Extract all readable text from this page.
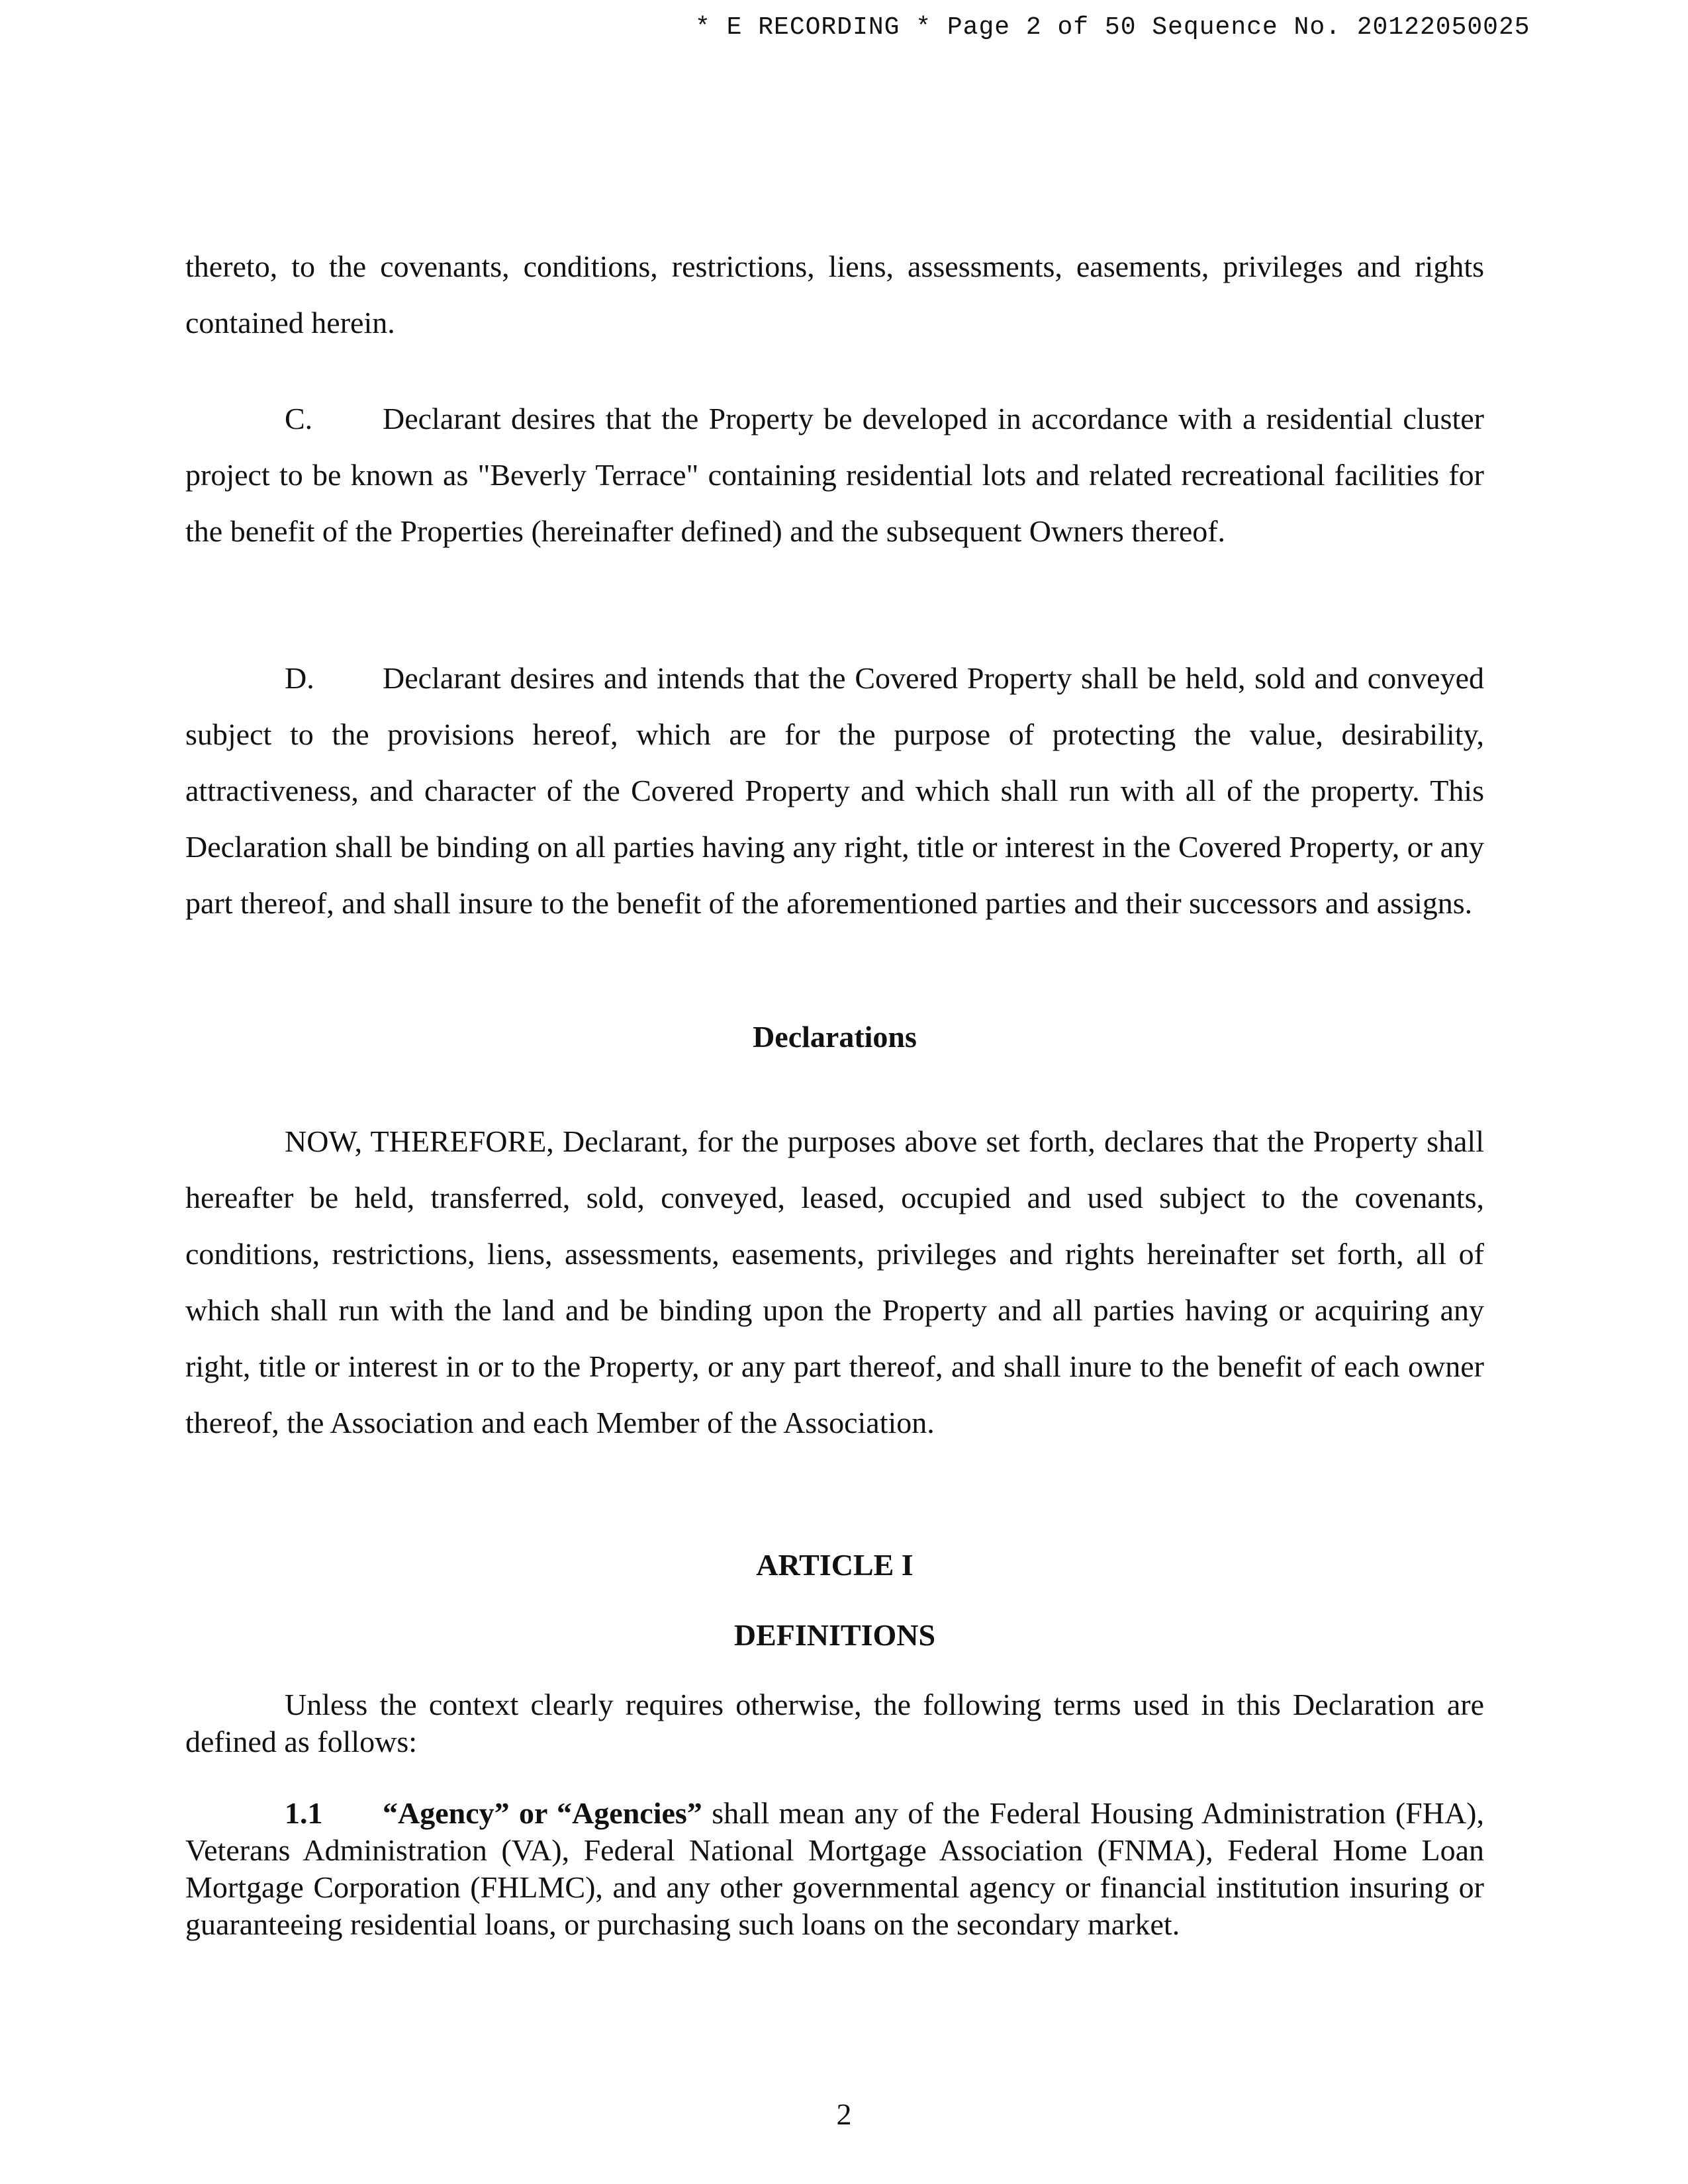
* E RECORDING * Page 2 of 50 Sequence No. 20122050025

thereto, to the covenants, conditions, restrictions, liens, assessments, easements, privileges and rights contained herein.

C. Declarant desires that the Property be developed in accordance with a residential cluster project to be known as "Beverly Terrace" containing residential lots and related recreational facilities for the benefit of the Properties (hereinafter defined) and the subsequent Owners thereof.

D. Declarant desires and intends that the Covered Property shall be held, sold and conveyed subject to the provisions hereof, which are for the purpose of protecting the value, desirability, attractiveness, and character of the Covered Property and which shall run with all of the property. This Declaration shall be binding on all parties having any right, title or interest in the Covered Property, or any part thereof, and shall insure to the benefit of the aforementioned parties and their successors and assigns.

Declarations

NOW, THEREFORE, Declarant, for the purposes above set forth, declares that the Property shall hereafter be held, transferred, sold, conveyed, leased, occupied and used subject to the covenants, conditions, restrictions, liens, assessments, easements, privileges and rights hereinafter set forth, all of which shall run with the land and be binding upon the Property and all parties having or acquiring any right, title or interest in or to the Property, or any part thereof, and shall inure to the benefit of each owner thereof, the Association and each Member of the Association.

ARTICLE I

DEFINITIONS

Unless the context clearly requires otherwise, the following terms used in this Declaration are defined as follows:

1.1 “Agency” or “Agencies” shall mean any of the Federal Housing Administration (FHA), Veterans Administration (VA), Federal National Mortgage Association (FNMA), Federal Home Loan Mortgage Corporation (FHLMC), and any other governmental agency or financial institution insuring or guaranteeing residential loans, or purchasing such loans on the secondary market.

2
